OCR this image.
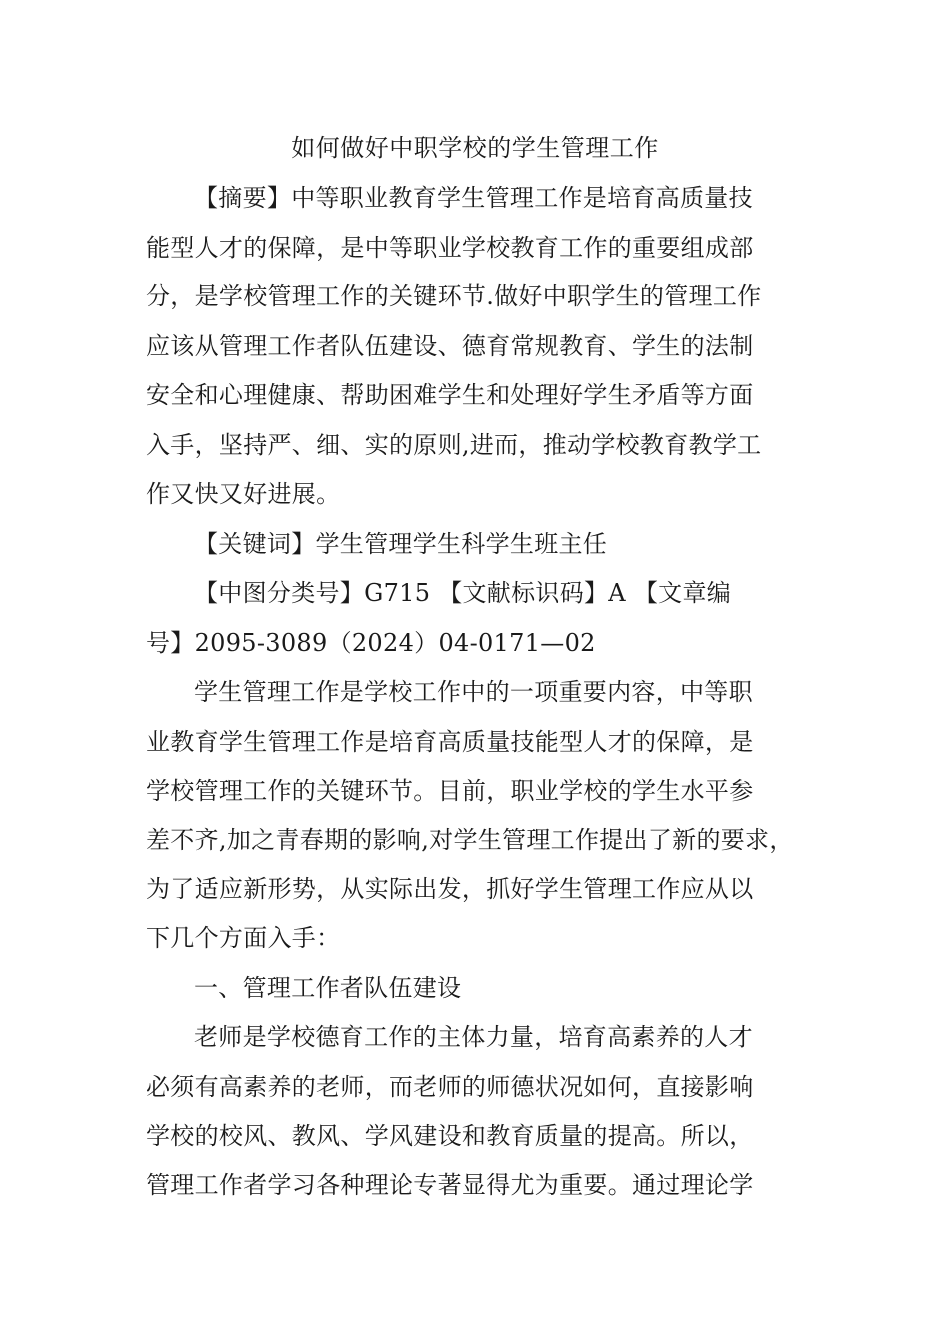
如何做好中职学校的学生管理工作
【摘要】中等职业教育学生管理工作是培育高质量技
能型人才的保障，是中等职业学校教育工作的重要组成部
分，是学校管理工作的关键环节.做好中职学生的管理工作
应该从管理工作者队伍建设、德育常规教育、学生的法制
安全和心理健康、帮助困难学生和处理好学生矛盾等方面
入手，坚持严、细、实的原则,进而，推动学校教育教学工
作又快又好进展。
【关键词】学生管理学生科学生班主任
【中图分类号】G715 【文献标识码】A 【文章编
号】2095-3089（2024）04-0171—02
学生管理工作是学校工作中的一项重要内容，中等职
业教育学生管理工作是培育高质量技能型人才的保障，是
学校管理工作的关键环节。目前，职业学校的学生水平参
差不齐,加之青春期的影响,对学生管理工作提出了新的要求，
为了适应新形势，从实际出发，抓好学生管理工作应从以
下几个方面入手：
一、管理工作者队伍建设
老师是学校德育工作的主体力量，培育高素养的人才
必须有高素养的老师，而老师的师德状况如何，直接影响
学校的校风、教风、学风建设和教育质量的提高。所以，
管理工作者学习各种理论专著显得尤为重要。通过理论学
